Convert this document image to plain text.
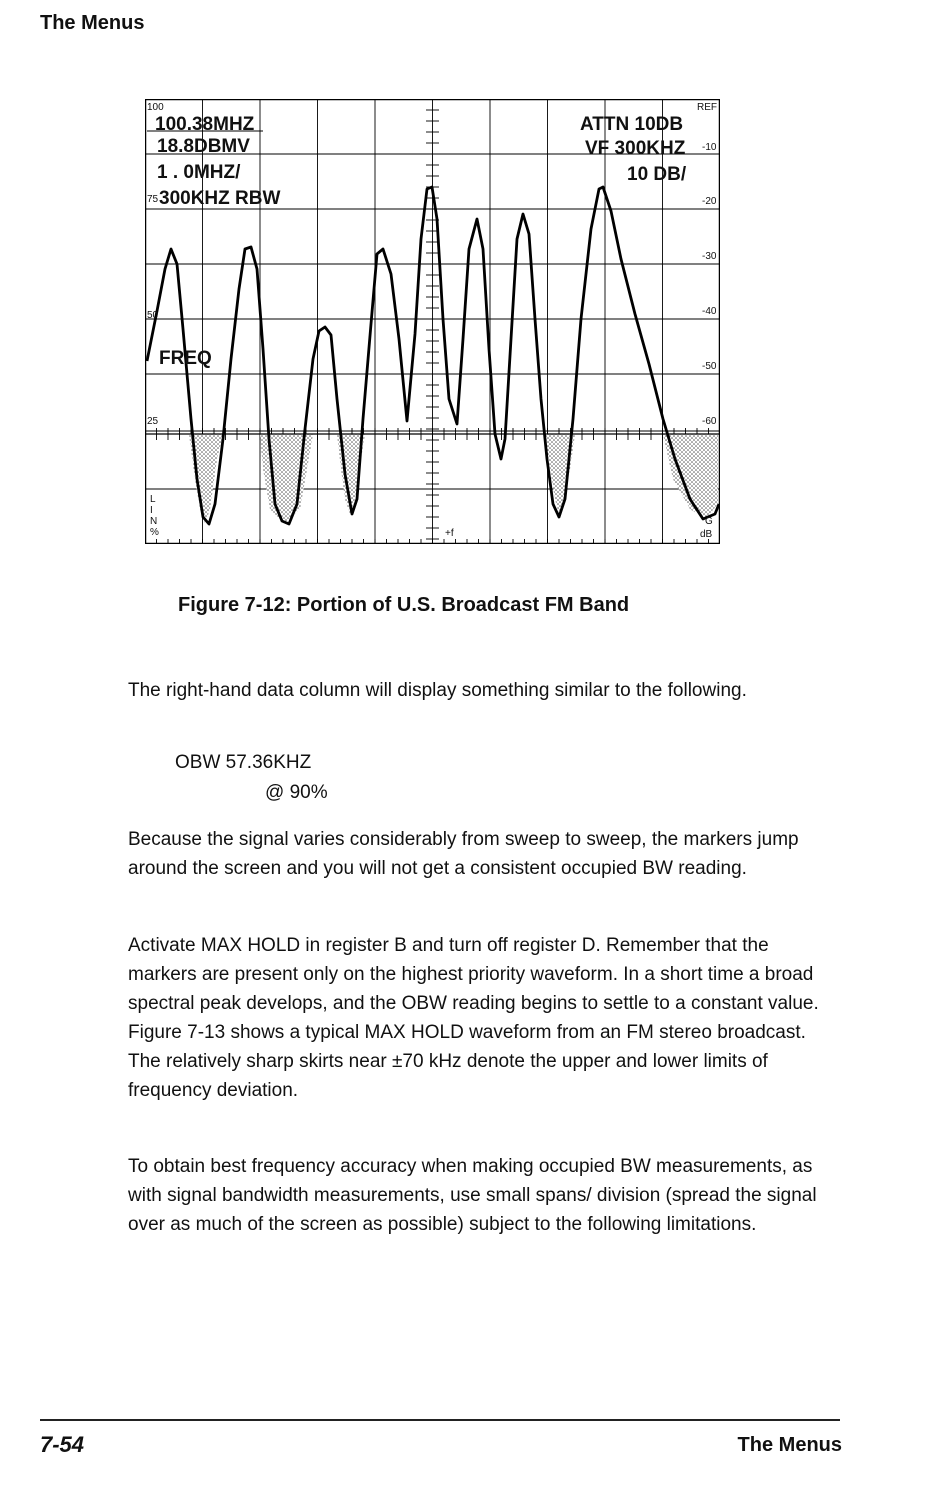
The Menus
100
100.38MHZ
18.8DBMV
1 . 0MHZ/
75 300KHZ RBW
50
FREQ
25
REF
ATTN 10DB
VF 300KHZ
10 DB/
-10
-20
-30
-40
-50
-60
L
I
N
%
G
dB
+f
Figure 7-12: Portion of U.S. Broadcast FM Band

The right-hand data column will display something similar to the following.

OBW 57.36KHZ
@ 90%

Because the signal varies considerably from sweep to sweep, the markers jump around the screen and you will not get a consistent occupied BW reading.

Activate MAX HOLD in register B and turn off register D. Remember that the markers are present only on the highest priority waveform. In a short time a broad spectral peak develops, and the OBW reading begins to settle to a constant value. Figure 7-13 shows a typical MAX HOLD waveform from an FM stereo broadcast. The relatively sharp skirts near ±70 kHz denote the upper and lower limits of frequency deviation.

To obtain best frequency accuracy when making occupied BW measurements, as with signal bandwidth measurements, use small spans/ division (spread the signal over as much of the screen as possible) subject to the following limitations.

7-54	The Menus
